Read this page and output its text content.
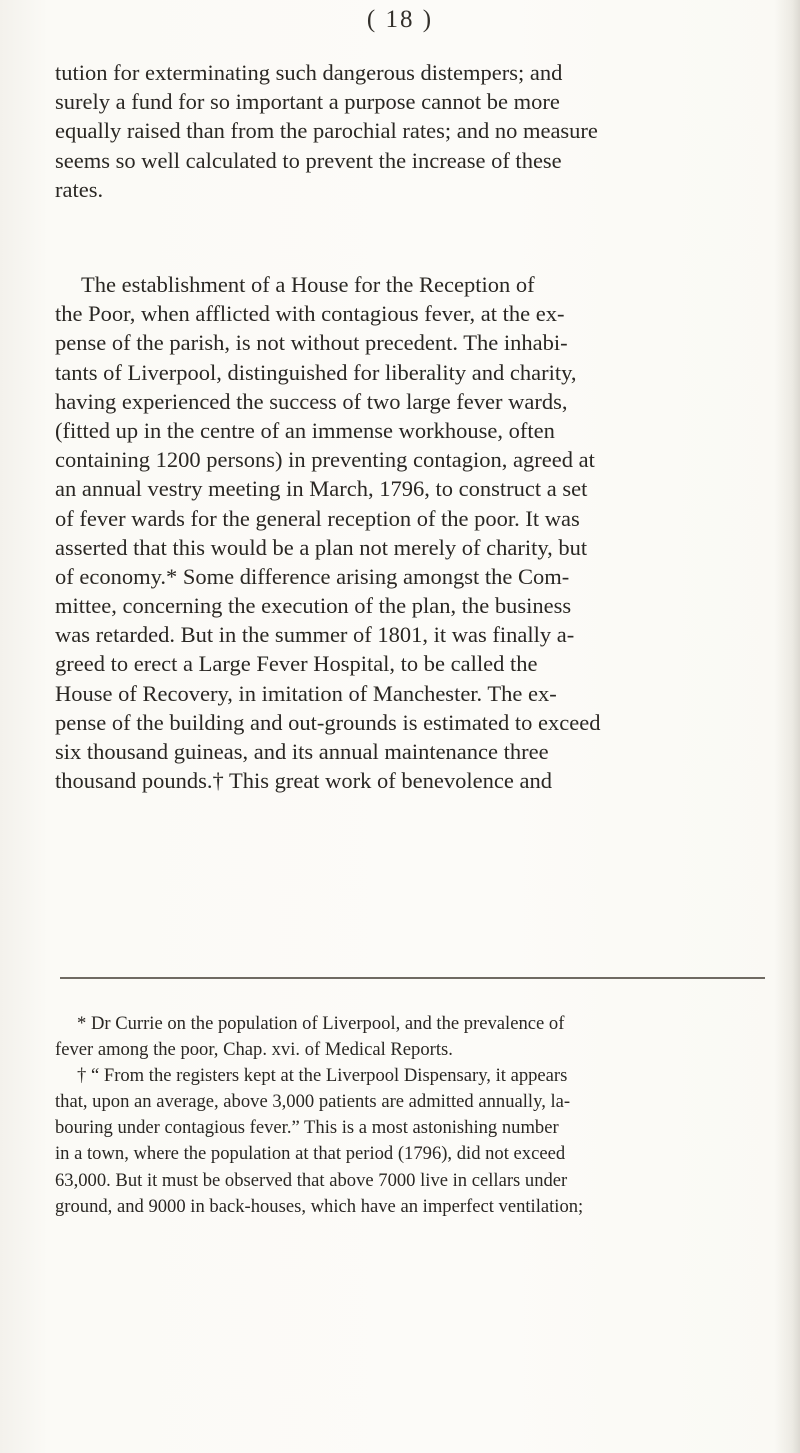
( 18 )
tution for exterminating such dangerous distempers; and
surely a fund for so important a purpose cannot be more
equally raised than from the parochial rates; and no measure
seems so well calculated to prevent the increase of these
rates.
The establishment of a House for the Reception of
the Poor, when afflicted with contagious fever, at the ex-
pense of the parish, is not without precedent. The inhabi-
tants of Liverpool, distinguished for liberality and charity,
having experienced the success of two large fever wards,
(fitted up in the centre of an immense workhouse, often
containing 1200 persons) in preventing contagion, agreed at
an annual vestry meeting in March, 1796, to construct a set
of fever wards for the general reception of the poor. It was
asserted that this would be a plan not merely of charity, but
of economy.* Some difference arising amongst the Com-
mittee, concerning the execution of the plan, the business
was retarded. But in the summer of 1801, it was finally a-
greed to erect a Large Fever Hospital, to be called the
House of Recovery, in imitation of Manchester. The ex-
pense of the building and out-grounds is estimated to exceed
six thousand guineas, and its annual maintenance three
thousand pounds.† This great work of benevolence and
* Dr Currie on the population of Liverpool, and the prevalence of
fever among the poor, Chap. xvi. of Medical Reports.
† “ From the registers kept at the Liverpool Dispensary, it appears
that, upon an average, above 3,000 patients are admitted annually, la-
bouring under contagious fever.” This is a most astonishing number
in a town, where the population at that period (1796), did not exceed
63,000. But it must be observed that above 7000 live in cellars under
ground, and 9000 in back-houses, which have an imperfect ventilation;
